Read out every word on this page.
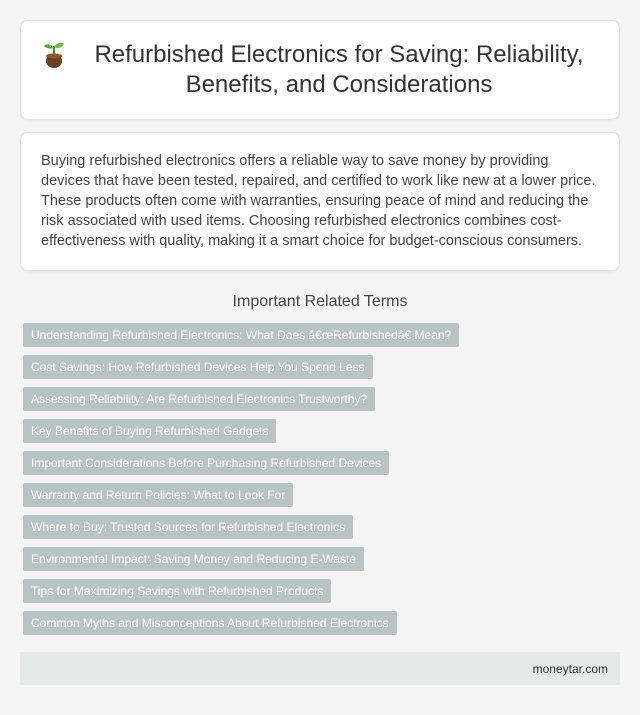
Refurbished Electronics for Saving: Reliability, Benefits, and Considerations

Buying refurbished electronics offers a reliable way to save money by providing devices that have been tested, repaired, and certified to work like new at a lower price. These products often come with warranties, ensuring peace of mind and reducing the risk associated with used items. Choosing refurbished electronics combines cost-effectiveness with quality, making it a smart choice for budget-conscious consumers.

Important Related Terms
Understanding Refurbished Electronics: What Does â€œRefurbishedâ€ Mean?
Cost Savings: How Refurbished Devices Help You Spend Less
Assessing Reliability: Are Refurbished Electronics Trustworthy?
Key Benefits of Buying Refurbished Gadgets
Important Considerations Before Purchasing Refurbished Devices
Warranty and Return Policies: What to Look For
Where to Buy: Trusted Sources for Refurbished Electronics
Environmental Impact: Saving Money and Reducing E-Waste
Tips for Maximizing Savings with Refurbished Products
Common Myths and Misconceptions About Refurbished Electronics
moneytar.com
